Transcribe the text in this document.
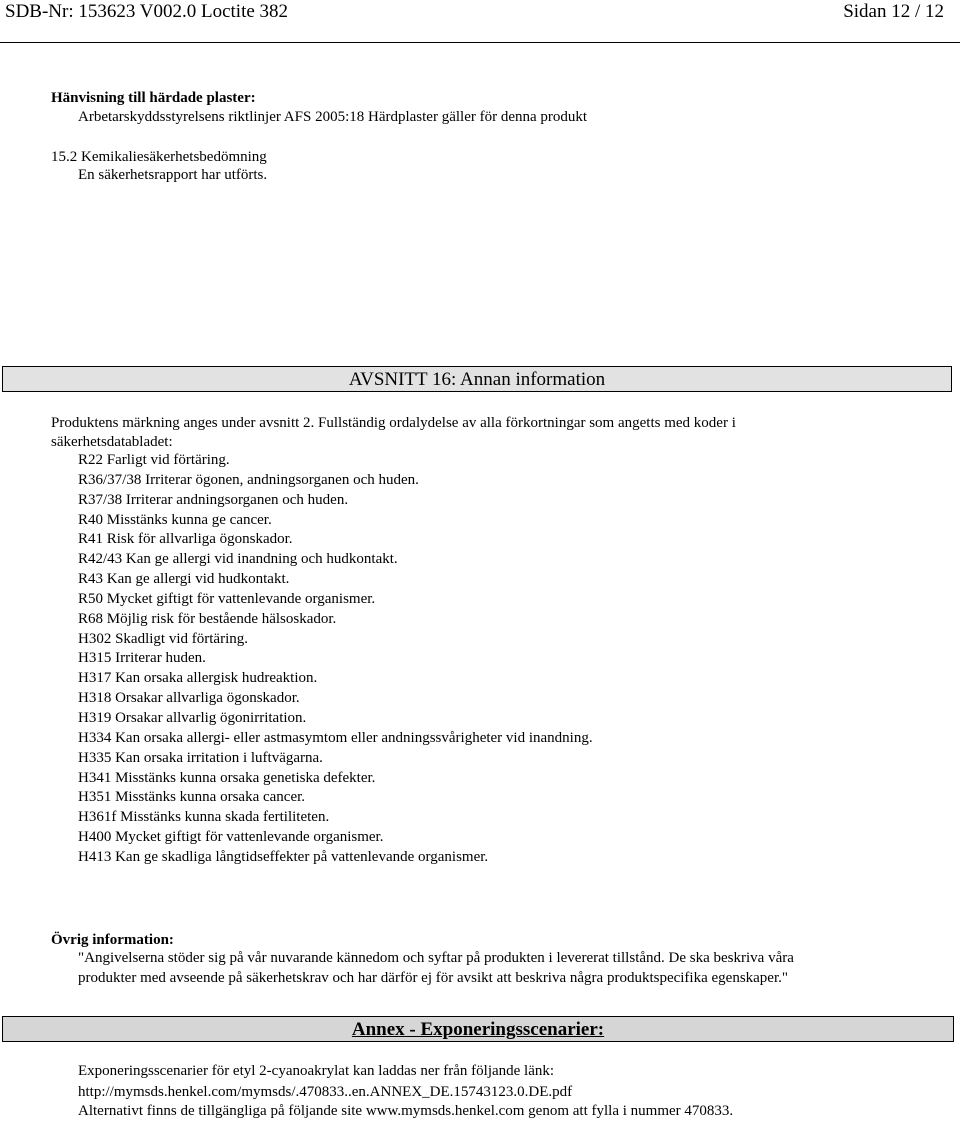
SDB-Nr: 153623 V002.0 Loctite 382	Sidan 12 / 12
Hänvisning till härdade plaster:
Arbetarskyddsstyrelsens riktlinjer AFS 2005:18 Härdplaster gäller för denna produkt
15.2 Kemikaliesäkerhetsbedömning
En säkerhetsrapport har utförts.
AVSNITT 16: Annan information
Produktens märkning anges under avsnitt 2. Fullständig ordalydelse av alla förkortningar som angetts med koder i
säkerhetsdatabladet:
R22 Farligt vid förtäring.
R36/37/38 Irriterar ögonen, andningsorganen och huden.
R37/38 Irriterar andningsorganen och huden.
R40 Misstänks kunna ge cancer.
R41 Risk för allvarliga ögonskador.
R42/43 Kan ge allergi vid inandning och hudkontakt.
R43 Kan ge allergi vid hudkontakt.
R50 Mycket giftigt för vattenlevande organismer.
R68 Möjlig risk för bestående hälsoskador.
H302 Skadligt vid förtäring.
H315 Irriterar huden.
H317 Kan orsaka allergisk hudreaktion.
H318 Orsakar allvarliga ögonskador.
H319 Orsakar allvarlig ögonirritation.
H334 Kan orsaka allergi- eller astmasymtom eller andningssvårigheter vid inandning.
H335 Kan orsaka irritation i luftvägarna.
H341 Misstänks kunna orsaka genetiska defekter.
H351 Misstänks kunna orsaka cancer.
H361f Misstänks kunna skada fertiliteten.
H400 Mycket giftigt för vattenlevande organismer.
H413 Kan ge skadliga långtidseffekter på vattenlevande organismer.
Övrig information:
"Angivelserna stöder sig på vår nuvarande kännedom och syftar på produkten i levererat tillstånd. De ska beskriva våra
produkter med avseende på säkerhetskrav och har därför ej för avsikt att beskriva några produktspecifika egenskaper."
Annex - Exponeringsscenarier:
Exponeringsscenarier för etyl 2-cyanoakrylat kan laddas ner från följande länk:
http://mymsds.henkel.com/mymsds/.470833..en.ANNEX_DE.15743123.0.DE.pdf
Alternativt finns de tillgängliga på följande site www.mymsds.henkel.com genom att fylla i nummer 470833.
